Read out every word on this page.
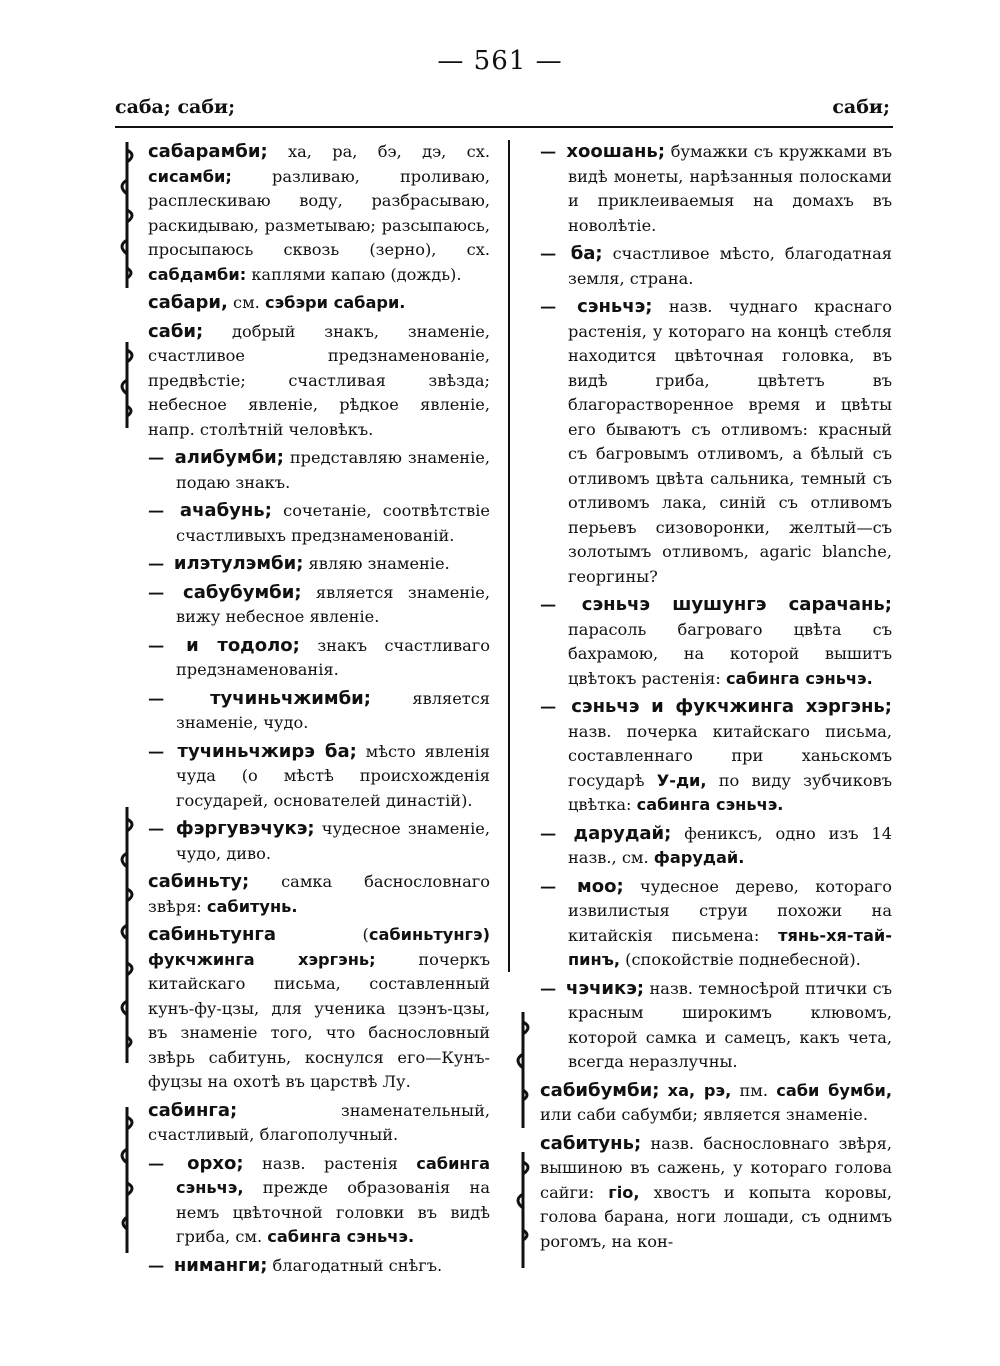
— 561 —
саба; саби;	саби;
сабарамби; ха, ра, бэ, дэ, сх. сисамби; разливаю, проливаю, расплескиваю воду, разбрасываю, раскидываю, разметываю; разсыпаюсь, просыпаюсь сквозь (зерно), сх. сабдамби: каплями капаю (дождь).
сабари, см. сэбэри сабари.
саби; добрый знакъ, знаменіе, счастливое предзнаменованіе, предвѣстіе; счастливая звѣзда; небесное явленіе, рѣдкое явленіе, напр. столѣтній человѣкъ.
— алибумби; представляю знаменіе, подаю знакъ.
— ачабунь; сочетаніе, соотвѣтствіе счастливыхъ предзнаменованій.
— илэтулэмби; являю знаменіе.
— сабубумби; является знаменіе, вижу небесное явленіе.
— и тодоло; знакъ счастливаго предзнаменованія.
— тучиньчжимби; является знаменіе, чудо.
— тучиньчжирэ ба; мѣсто явленія чуда (о мѣстѣ происхожденія государей, основателей династій).
— фэргувэчукэ; чудесное знаменіе, чудо, диво.
сабиньту; самка баснословнаго звѣря: сабитунь.
сабиньтунга (сабиньтунгэ) фукчжинга хэргэнь; почеркъ китайскаго письма, составленный кунъ-фу-цзы, для ученика цзэнъ-цзы, въ знаменіе того, что баснословный звѣрь сабитунь, коснулся его—Кунъ-фуцзы на охотѣ въ царствѣ Лу.
сабинга; знаменательный, счастливый, благополучный.
— орхо; назв. растенія сабинга сэньчэ, прежде образованія на немъ цвѣточной головки въ видѣ гриба, см. сабинга сэньчэ.
— ниманги; благодатный снѣгъ.
— хоошань; бумажки съ кружками въ видѣ монеты, нарѣзанныя полосками и приклеиваемыя на домахъ въ новолѣтіе.
— ба; счастливое мѣсто, благодатная земля, страна.
— сэньчэ; назв. чуднаго краснаго растенія, у котораго на концѣ стебля находится цвѣточная головка, въ видѣ гриба, цвѣтетъ въ благорастворенное время и цвѣты его бываютъ съ отливомъ: красный съ багровымъ отливомъ, а бѣлый съ отливомъ цвѣта сальника, темный съ отливомъ лака, синій съ отливомъ перьевъ сизоворонки, желтый—съ золотымъ отливомъ, agaric blanche, георгины?
— сэньчэ шушунгэ сарачань; парасоль багроваго цвѣта съ бахрамою, на которой вышитъ цвѣтокъ растенія: сабинга сэньчэ.
— сэньчэ и фукчжинга хэргэнь; назв. почерка китайскаго письма, составленнаго при ханьскомъ государѣ У-ди, по виду зубчиковъ цвѣтка: сабинга сэньчэ.
— дарудай; фениксъ, одно изъ 14 назв., см. фарудай.
— моо; чудесное дерево, котораго извилистыя струи похожи на китайскія письмена: тянь-хя-тай-пинъ, (спокойствіе поднебесной).
— чэчикэ; назв. темносѣрой птички съ красным широкимъ клювомъ, которой самка и самецъ, какъ чета, всегда неразлучны.
сабибумби; ха, рэ, пм. саби бумби, или саби сабумби; является знаменіе.
сабитунь; назв. баснословнаго звѣря, вышиною въ сажень, у котораго голова сайги: гіо, хвостъ и копыта коровы, голова барана, ноги лошади, съ однимъ рогомъ, на кон-
